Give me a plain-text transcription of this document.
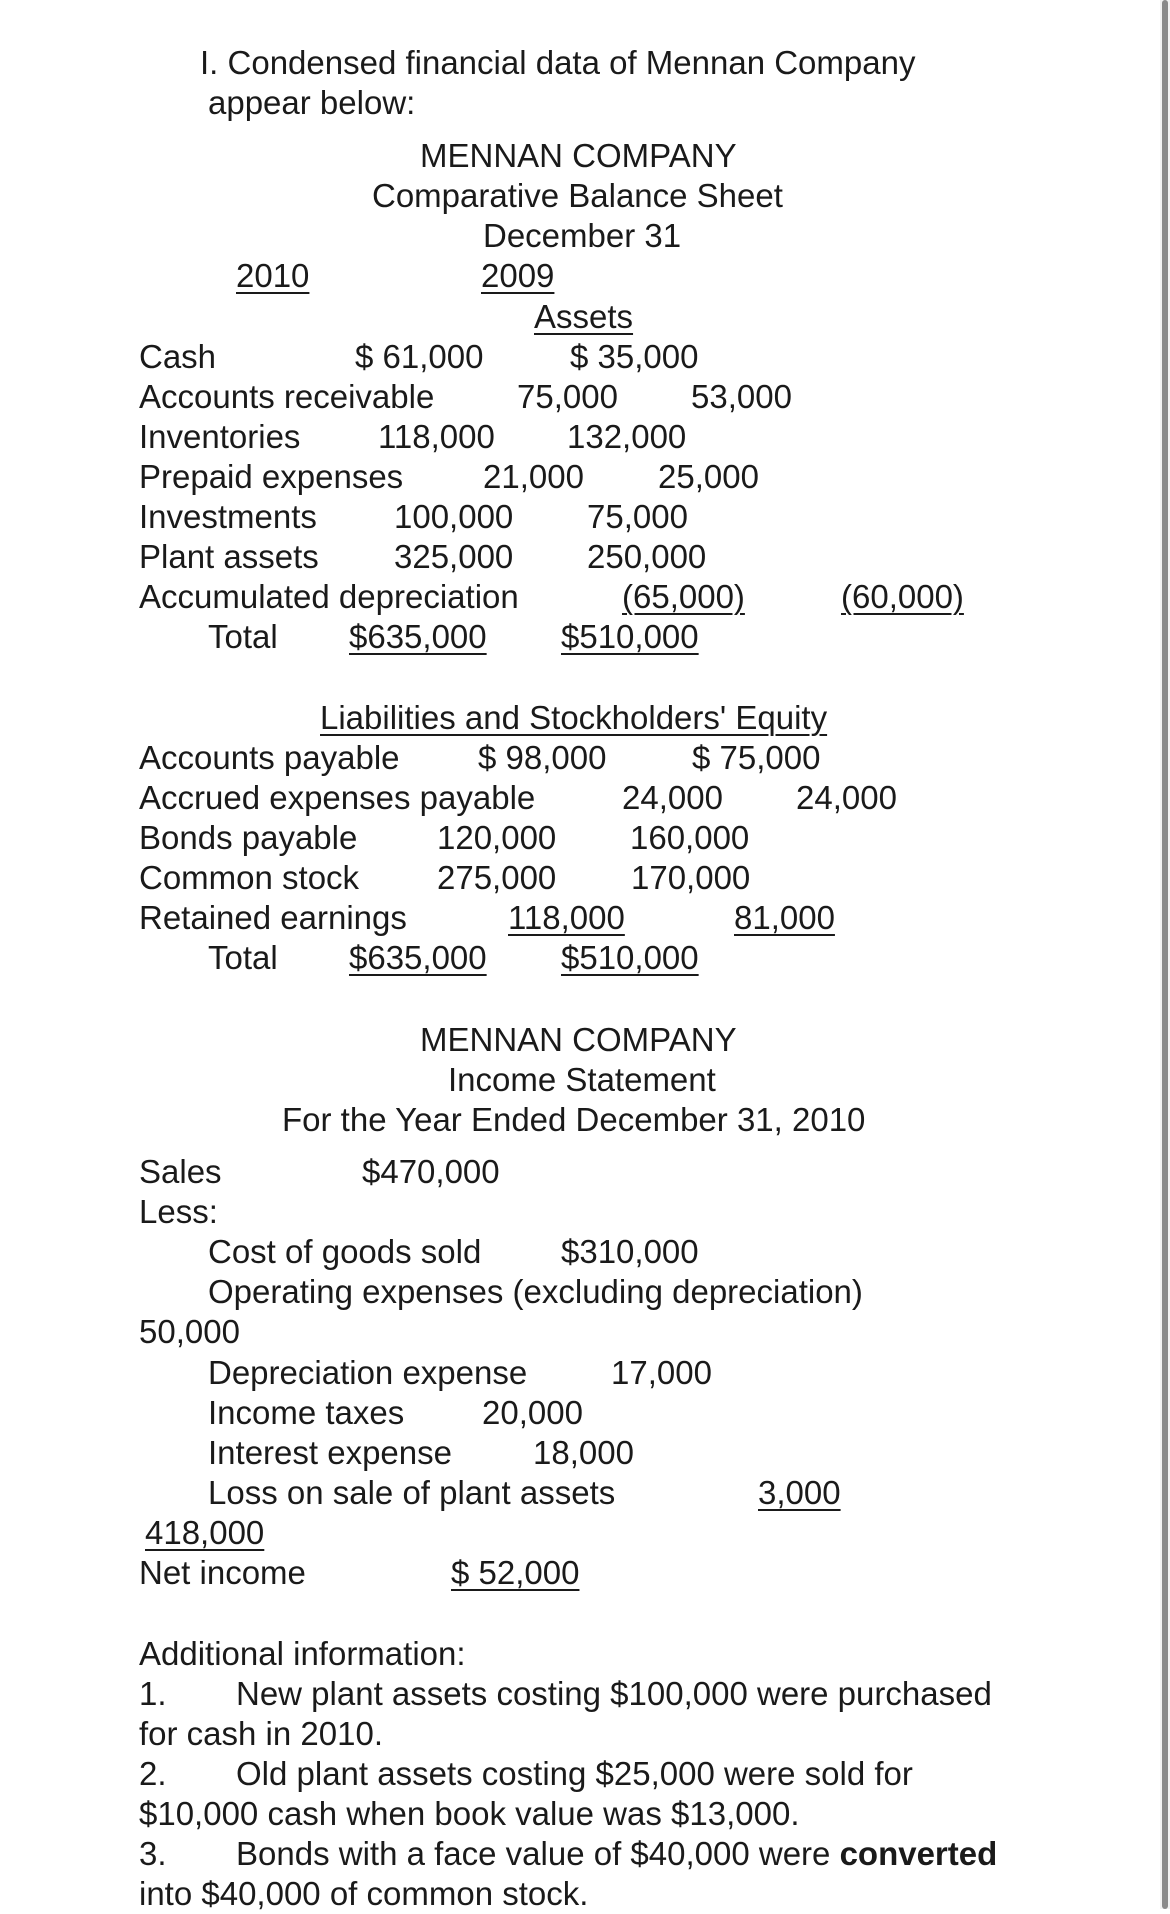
I. Condensed financial data of Mennan Company
appear below:
MENNAN COMPANY
Comparative Balance Sheet
December 31
2010	2009
Assets
Cash	$ 61,000	$ 35,000
Accounts receivable	75,000 53,000
Inventories 118,000 132,000
Prepaid expenses 21,000 25,000
Investments 100,000 75,000
Plant assets 325,000 250,000
Accumulated depreciation	(65,000)	(60,000)
Total $635,000 $510,000
Liabilities and Stockholders' Equity
Accounts payable $ 98,000	$ 75,000
Accrued expenses payable	24,000 24,000
Bonds payable 120,000 160,000
Common stock 275,000 170,000
Retained earnings	118,000	81,000
Total $635,000 $510,000
MENNAN COMPANY
Income Statement
For the Year Ended December 31, 2010
Sales	$470,000
Less:
Cost of goods sold $310,000
Operating expenses (excluding depreciation)
50,000
Depreciation expense	17,000
Income taxes 20,000
Interest expense 18,000
Loss on sale of plant assets	3,000
418,000
Net income	$ 52,000
Additional information:
1. New plant assets costing $100,000 were purchased
for cash in 2010.
2. Old plant assets costing $25,000 were sold for
$10,000 cash when book value was $13,000.
3. Bonds with a face value of $40,000 were converted
into $40,000 of common stock.
